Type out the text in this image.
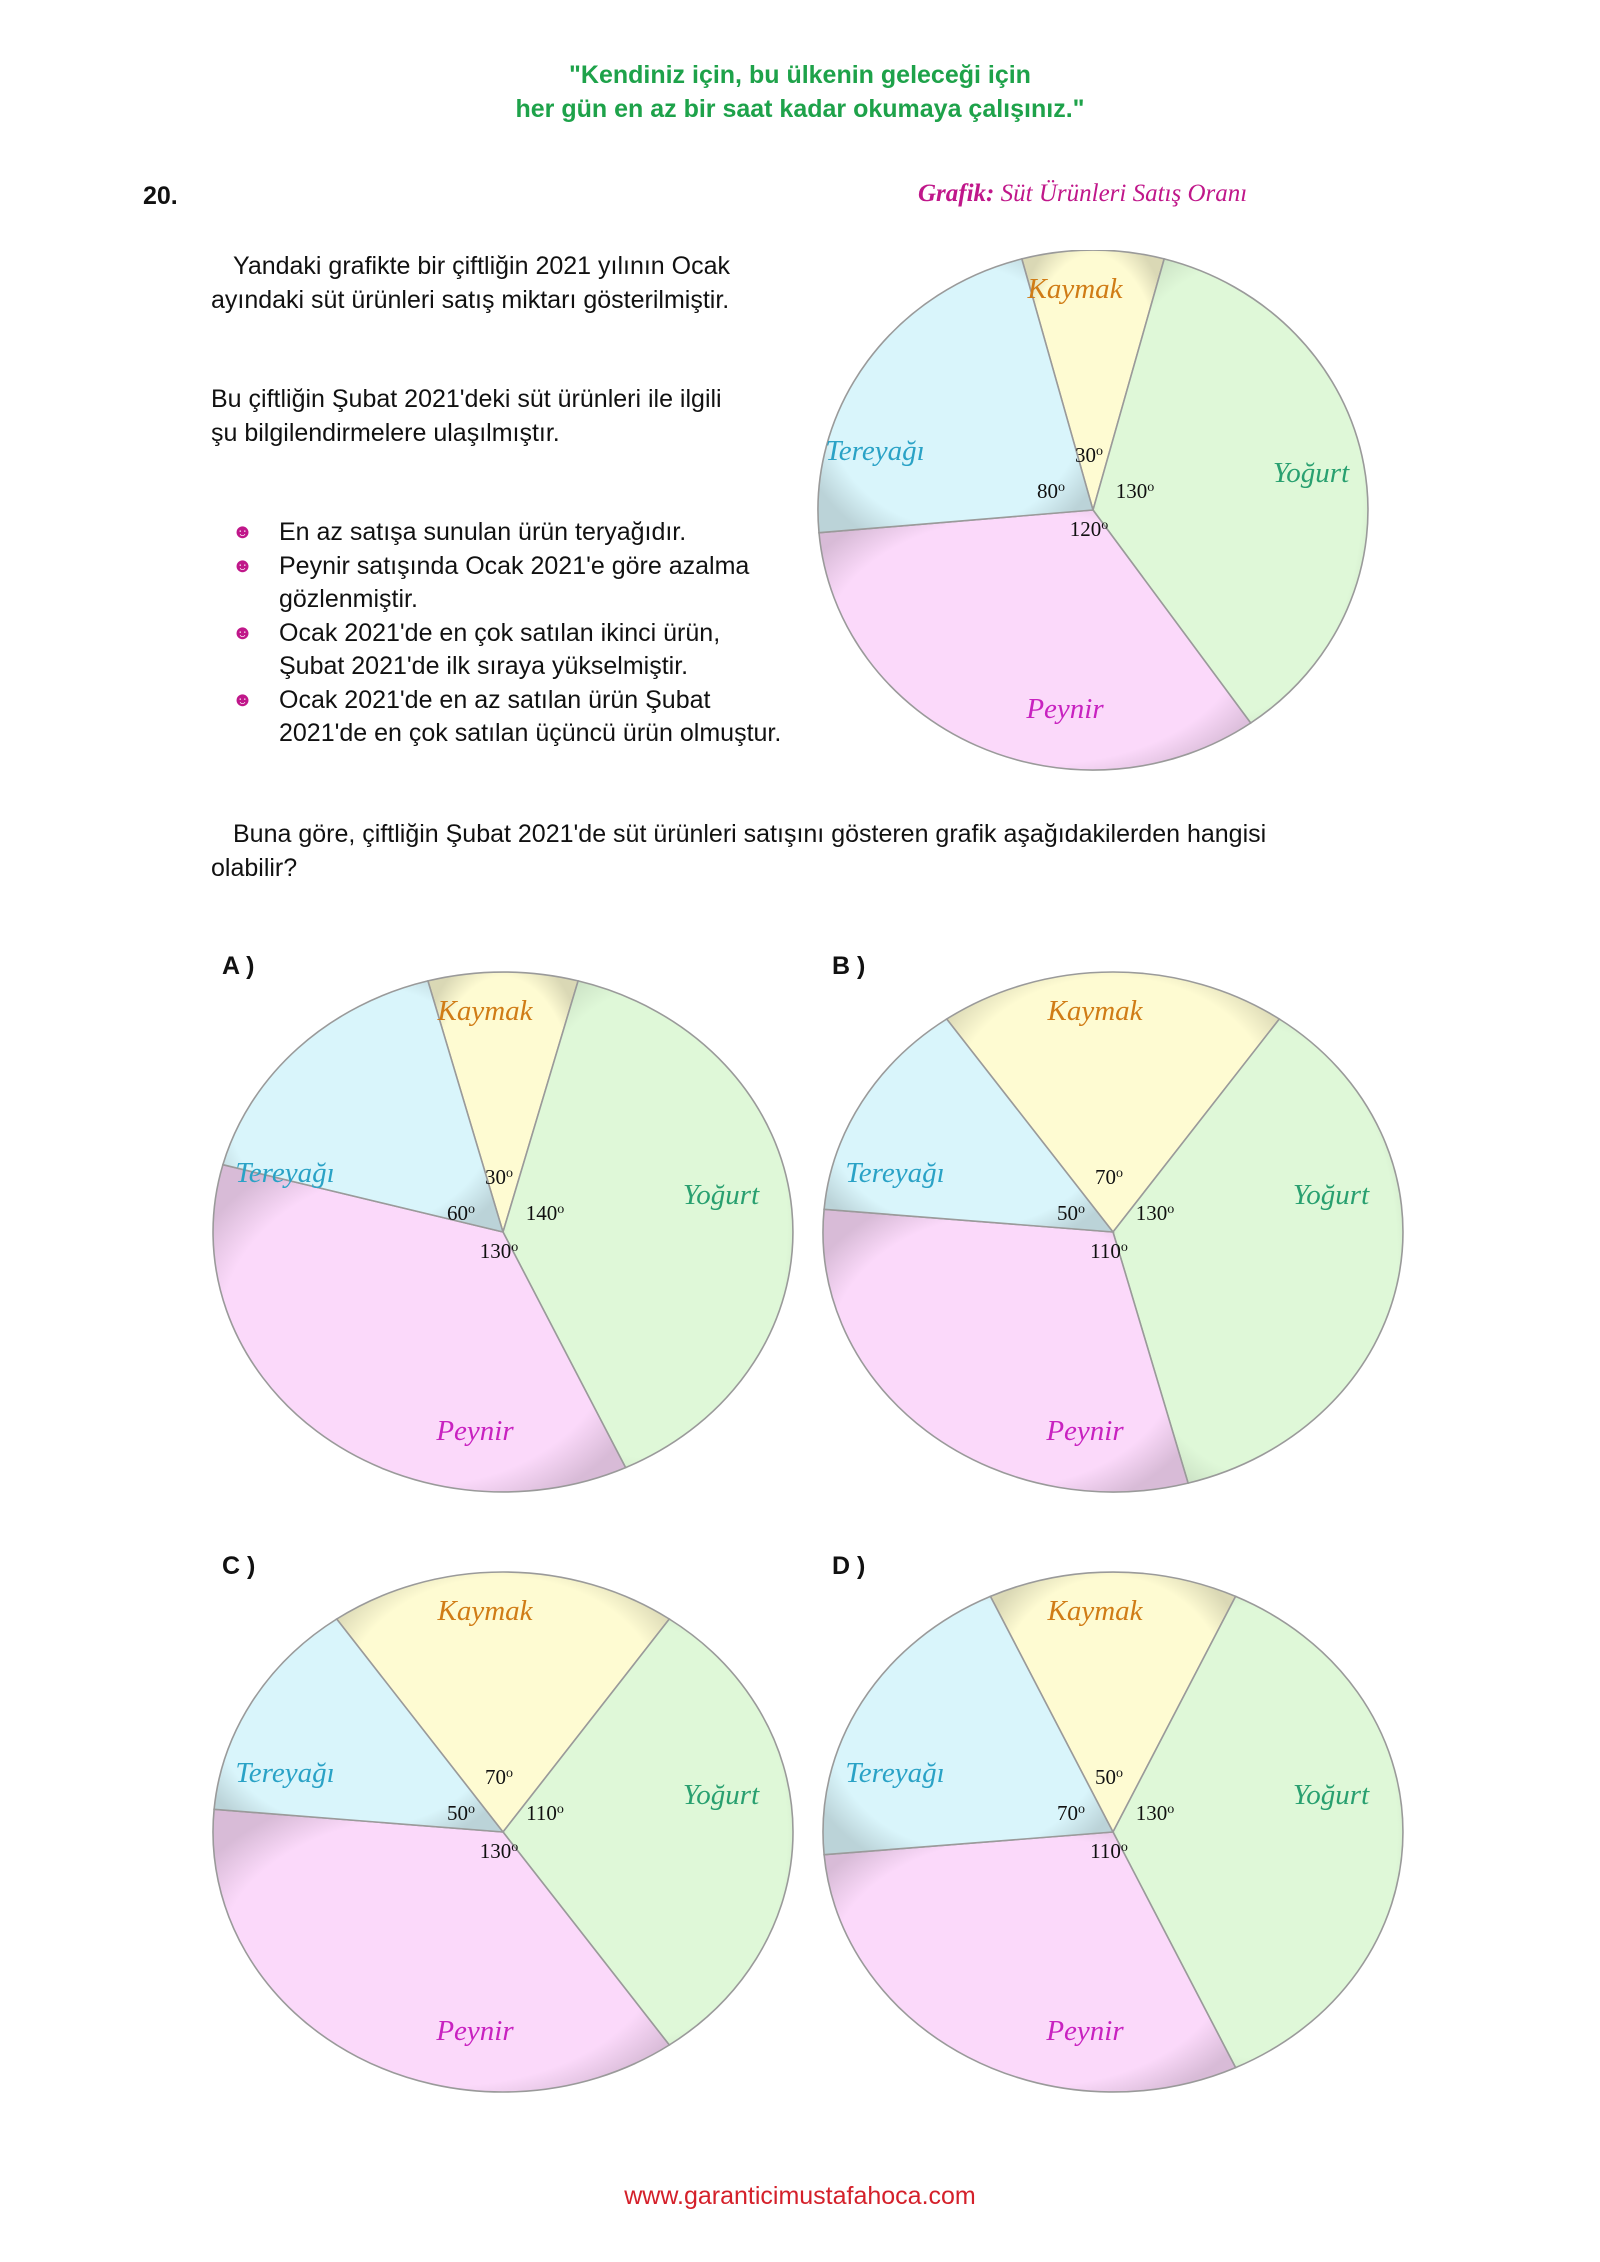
"Kendiniz için, bu ülkenin geleceği için
her gün en az bir saat kadar okumaya çalışınız."
20.	Grafik: Süt Ürünleri Satış Oranı
Yandaki grafikte bir çiftliğin 2021 yılının Ocak
ayındaki süt ürünleri satış miktarı gösterilmiştir.
Bu çiftliğin Şubat 2021'deki süt ürünleri ile ilgili
şu bilgilendirmelere ulaşılmıştır.
☻ En az satışa sunulan ürün teryağıdır.
☻ Peynir satışında Ocak 2021'e göre azalma
gözlenmiştir.
☻ Ocak 2021'de en çok satılan ikinci ürün,
Şubat 2021'de ilk sıraya yükselmiştir.
☻ Ocak 2021'de en az satılan ürün Şubat
2021'de en çok satılan üçüncü ürün olmuştur.
Buna göre, çiftliğin Şubat 2021'de süt ürünleri satışını gösteren grafik aşağıdakilerden hangisi
olabilir?
A )	B )
C )	D )
Kaymak
30$^o$
Yoğurt
130$^o$
Peynir
120$^o$
Tereyağı
80$^o$
Kaymak
30$^o$
Yoğurt
140$^o$
Peynir
130$^o$
Tereyağı
60$^o$
Kaymak
70$^o$
Yoğurt
130$^o$
Peynir
110$^o$
Tereyağı
50$^o$
Kaymak
70$^o$
Yoğurt
110$^o$
Peynir
130$^o$
Tereyağı
50$^o$
Kaymak
50$^o$
Yoğurt
130$^o$
Peynir
110$^o$
Tereyağı
70$^o$
www.garanticimustafahoca.com
